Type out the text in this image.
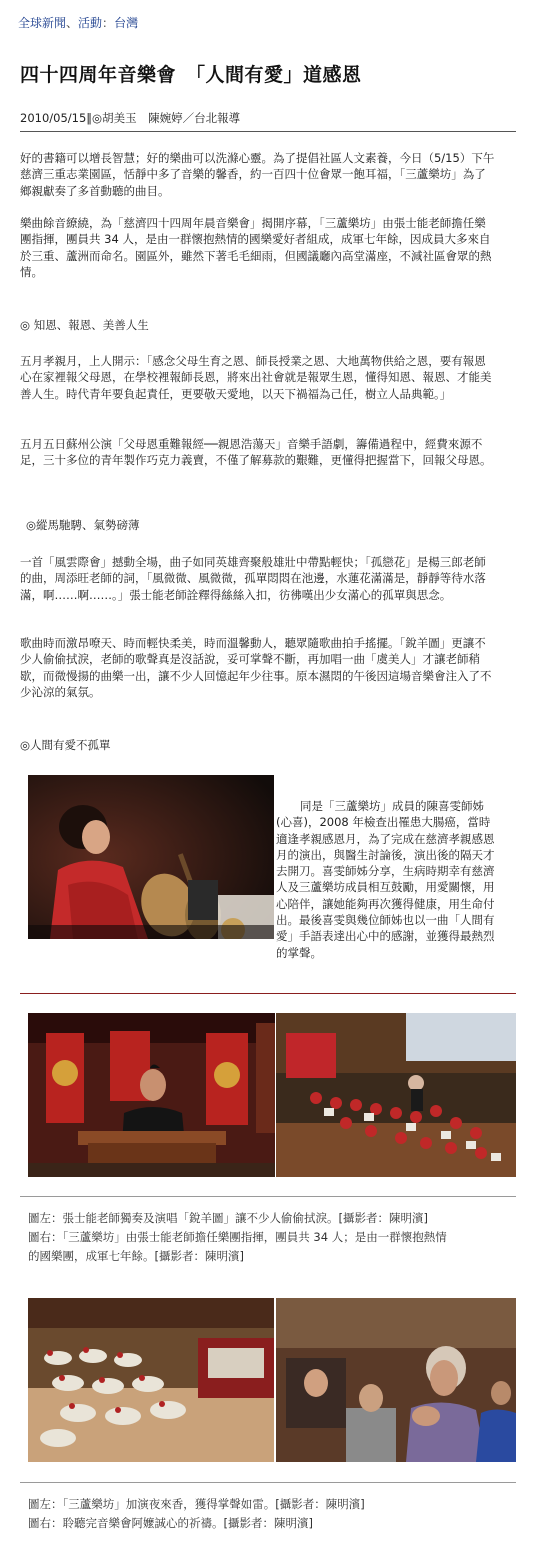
全球新聞、活動：台灣
四十四周年音樂會　「人間有愛」道感恩
2010/05/15‖◎胡美玉　陳婉婷／台北報導

好的書籍可以增長智慧；好的樂曲可以洗滌心靈。為了提倡社區人文素養，今日（5/15）下午慈濟三重志業園區，恬靜中多了音樂的馨香，約一百四十位會眾一飽耳福，「三蘆樂坊」為了鄉親獻奏了多首動聽的曲目。

樂曲餘音繚繞，為「慈濟四十四周年晨音樂會」揭開序幕，「三蘆樂坊」由張士能老師擔任樂團指揮，團員共 34 人，是由一群懷抱熱情的國樂愛好者組成，成軍七年餘，因成員大多來自於三重、蘆洲而命名。園區外，雖然下著毛毛細雨，但國議廳內高堂滿座，不減社區會眾的熱情。

◎ 知恩、報恩、美善人生

五月孝親月，上人開示：「感念父母生育之恩、師長授業之恩、大地萬物供給之恩，要有報恩心在家裡報父母恩，在學校裡報師長恩，將來出社會就是報眾生恩，懂得知恩、報恩、才能美善人生。時代青年要負起責任，更要敬天愛地，以天下禍福為己任，樹立人品典範。」

五月五日蘇州公演「父母恩重難報經──親恩浩蕩天」音樂手語劇，籌備過程中，經費來源不足，三十多位的青年製作巧克力義賣，不僅了解募款的艱難，更懂得把握當下，回報父母恩。

◎縱馬馳騁、氣勢磅薄

一首「風雲際會」撼動全場，曲子如同英雄齊聚般雄壯中帶點輕快；「孤戀花」是楊三郎老師的曲，周添旺老師的詞，「風微微、風微微，孤單悶悶在池邊，水蓮花滿滿是，靜靜等待水落滿，啊……啊……。」張士能老師詮釋得絲絲入扣，彷彿嘆出少女滿心的孤單與思念。

歌曲時而激昂嘹天、時而輕快柔美，時而溫馨動人，聽眾隨歌曲拍手搖擺。「銳羊圖」更讓不少人偷偷拭淚，老師的歌聲真是沒話說，妥可掌聲不斷，再加唱一曲「虞美人」才讓老師稍歇，而微慢揚的曲樂一出，讓不少人回憶起年少往事。原本濕悶的午後因這場音樂會注入了不少沁涼的氣氛。

◎人間有愛不孤單
同是「三蘆樂坊」成員的陳喜雯師姊(心喜)，2008 年檢查出罹患大腸癌，當時適逢孝親感恩月，為了完成在慈濟孝親感恩月的演出，與醫生討論後，演出後的隔天才去開刀。喜雯師姊分享，生病時期幸有慈濟人及三蘆樂坊成員相互鼓勵，用愛關懷，用心陪伴，讓她能夠再次獲得健康，用生命付出。最後喜雯與幾位師姊也以一曲「人間有愛」手語表達出心中的感謝，並獲得最熱烈的掌聲。
圖左：張士能老師獨奏及演唱「銳羊圖」讓不少人偷偷拭淚。[攝影者：陳明濱]
圖右：「三蘆樂坊」由張士能老師擔任樂團指揮，團員共 34 人；是由一群懷抱熱情
的國樂團，成軍七年餘。[攝影者：陳明濱]
圖左：「三蘆樂坊」加演夜來香，獲得掌聲如雷。[攝影者：陳明濱]
圖右：聆聽完音樂會阿嬤誠心的祈禱。[攝影者：陳明濱]
